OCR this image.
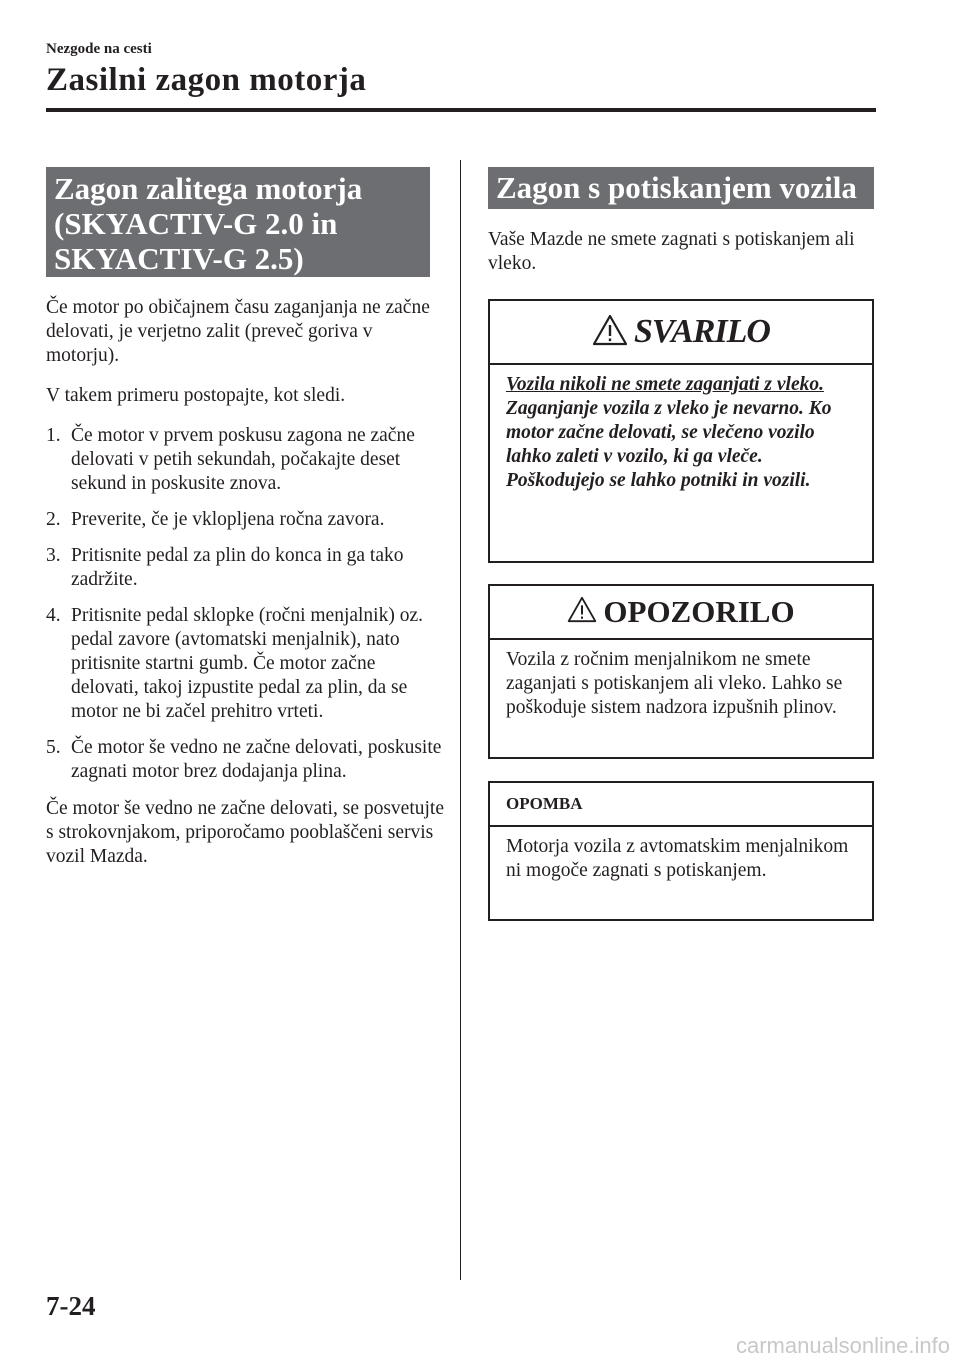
Nezgode na cesti
Zasilni zagon motorja
Zagon zalitega motorja
(SKYACTIV-G 2.0 in
SKYACTIV-G 2.5)

Če motor po običajnem času zaganjanja ne začne delovati, je verjetno zalit (preveč goriva v motorju).

V takem primeru postopajte, kot sledi.

1. Če motor v prvem poskusu zagona ne začne delovati v petih sekundah, počakajte deset sekund in poskusite znova.
2. Preverite, če je vklopljena ročna zavora.
3. Pritisnite pedal za plin do konca in ga tako zadržite.
4. Pritisnite pedal sklopke (ročni menjalnik) oz. pedal zavore (avtomatski menjalnik), nato pritisnite startni gumb. Če motor začne delovati, takoj izpustite pedal za plin, da se motor ne bi začel prehitro vrteti.
5. Če motor še vedno ne začne delovati, poskusite zagnati motor brez dodajanja plina.

Če motor še vedno ne začne delovati, se posvetujte s strokovnjakom, priporočamo pooblaščeni servis vozil Mazda.

Zagon s potiskanjem vozila

Vaše Mazde ne smete zagnati s potiskanjem ali vleko.

SVARILO
Vozila nikoli ne smete zaganjati z vleko.
Zaganjanje vozila z vleko je nevarno. Ko motor začne delovati, se vlečeno vozilo lahko zaleti v vozilo, ki ga vleče. Poškodujejo se lahko potniki in vozili.
OPOZORILO
Vozila z ročnim menjalnikom ne smete zaganjati s potiskanjem ali vleko. Lahko se poškoduje sistem nadzora izpušnih plinov.
OPOMBA
Motorja vozila z avtomatskim menjalnikom ni mogoče zagnati s potiskanjem.
7-24
carmanualsonline.info
